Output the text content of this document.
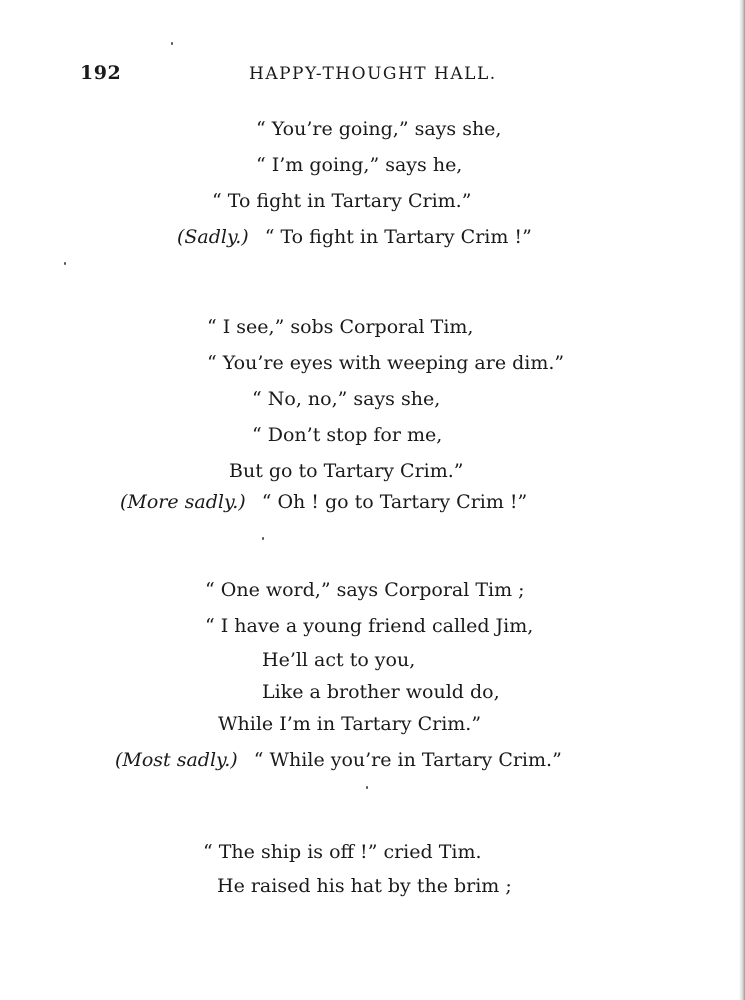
192	HAPPY-THOUGHT HALL.
“ You’re going,” says she,
“ I’m going,” says he,
“ To fight in Tartary Crim.”
(Sadly.) “ To fight in Tartary Crim !”
“ I see,” sobs Corporal Tim,
“ You’re eyes with weeping are dim.”
“ No, no,” says she,
“ Don’t stop for me,
But go to Tartary Crim.”
(More sadly.) “ Oh ! go to Tartary Crim !”
“ One word,” says Corporal Tim ;
“ I have a young friend called Jim,
He’ll act to you,
Like a brother would do,
While I’m in Tartary Crim.”
(Most sadly.) “ While you’re in Tartary Crim.”
“ The ship is off !” cried Tim.
He raised his hat by the brim ;
